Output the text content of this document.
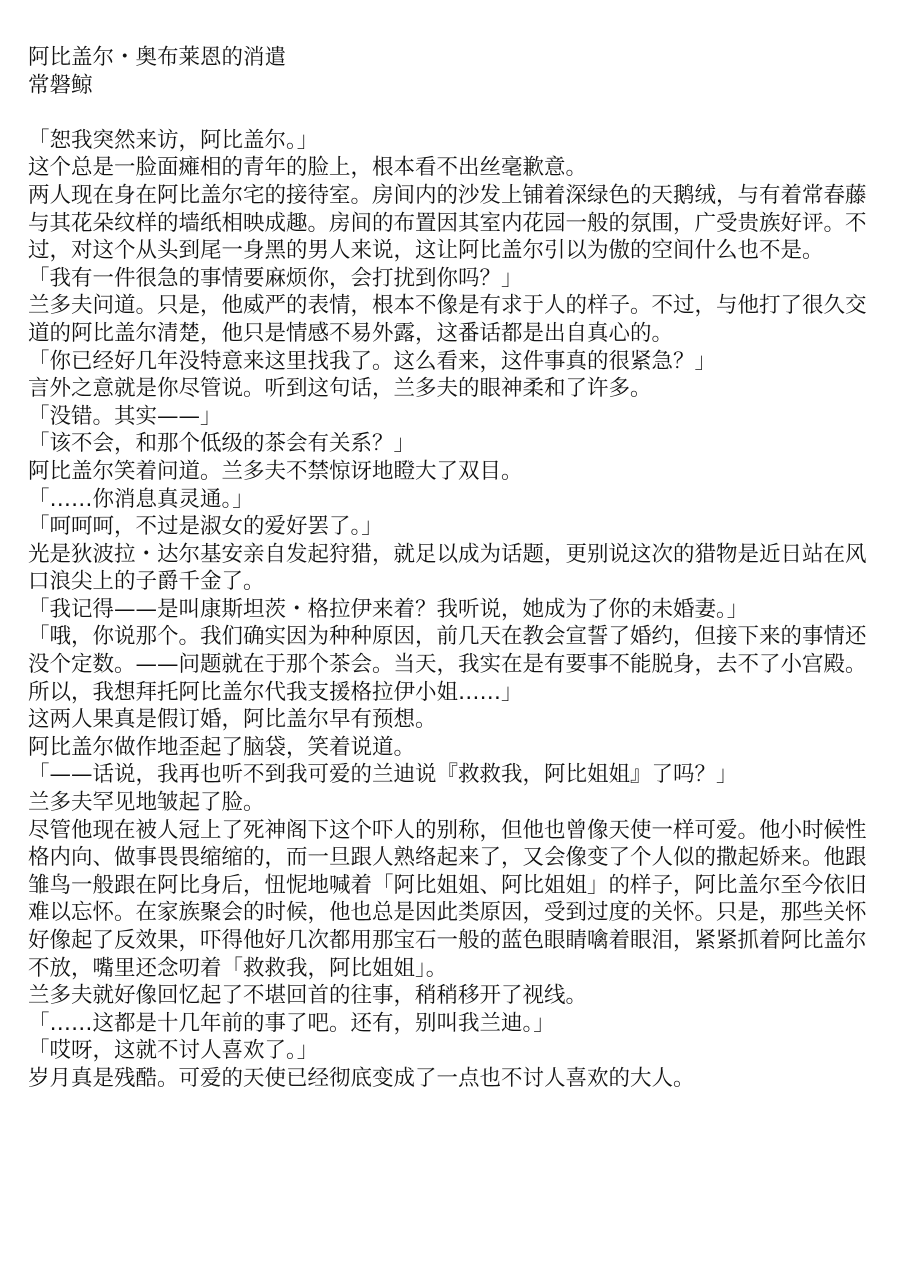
阿比盖尔・奥布莱恩的消遣
常磐鲸

「恕我突然来访，阿比盖尔。」

这个总是一脸面瘫相的青年的脸上，根本看不出丝毫歉意。

两人现在身在阿比盖尔宅的接待室。房间内的沙发上铺着深绿色的天鹅绒，与有着常春藤与其花朵纹样的墙纸相映成趣。房间的布置因其室内花园一般的氛围，广受贵族好评。不过，对这个从头到尾一身黑的男人来说，这让阿比盖尔引以为傲的空间什么也不是。

「我有一件很急的事情要麻烦你，会打扰到你吗？」

兰多夫问道。只是，他威严的表情，根本不像是有求于人的样子。不过，与他打了很久交道的阿比盖尔清楚，他只是情感不易外露，这番话都是出自真心的。

「你已经好几年没特意来这里找我了。这么看来，这件事真的很紧急？」

言外之意就是你尽管说。听到这句话，兰多夫的眼神柔和了许多。

「没错。其实——」

「该不会，和那个低级的茶会有关系？」

阿比盖尔笑着问道。兰多夫不禁惊讶地瞪大了双目。

「……你消息真灵通。」

「呵呵呵，不过是淑女的爱好罢了。」

光是狄波拉・达尔基安亲自发起狩猎，就足以成为话题，更别说这次的猎物是近日站在风口浪尖上的子爵千金了。

「我记得——是叫康斯坦茨・格拉伊来着？我听说，她成为了你的未婚妻。」

「哦，你说那个。我们确实因为种种原因，前几天在教会宣誓了婚约，但接下来的事情还没个定数。——问题就在于那个茶会。当天，我实在是有要事不能脱身，去不了小宫殿。所以，我想拜托阿比盖尔代我支援格拉伊小姐……」

这两人果真是假订婚，阿比盖尔早有预想。

阿比盖尔做作地歪起了脑袋，笑着说道。

「——话说，我再也听不到我可爱的兰迪说『救救我，阿比姐姐』了吗？」

兰多夫罕见地皱起了脸。

尽管他现在被人冠上了死神阁下这个吓人的别称，但他也曾像天使一样可爱。他小时候性格内向、做事畏畏缩缩的，而一旦跟人熟络起来了，又会像变了个人似的撒起娇来。他跟雏鸟一般跟在阿比身后，忸怩地喊着「阿比姐姐、阿比姐姐」的样子，阿比盖尔至今依旧难以忘怀。在家族聚会的时候，他也总是因此类原因，受到过度的关怀。只是，那些关怀好像起了反效果，吓得他好几次都用那宝石一般的蓝色眼睛噙着眼泪，紧紧抓着阿比盖尔不放，嘴里还念叨着「救救我，阿比姐姐」。

兰多夫就好像回忆起了不堪回首的往事，稍稍移开了视线。

「……这都是十几年前的事了吧。还有，别叫我兰迪。」

「哎呀，这就不讨人喜欢了。」

岁月真是残酷。可爱的天使已经彻底变成了一点也不讨人喜欢的大人。
